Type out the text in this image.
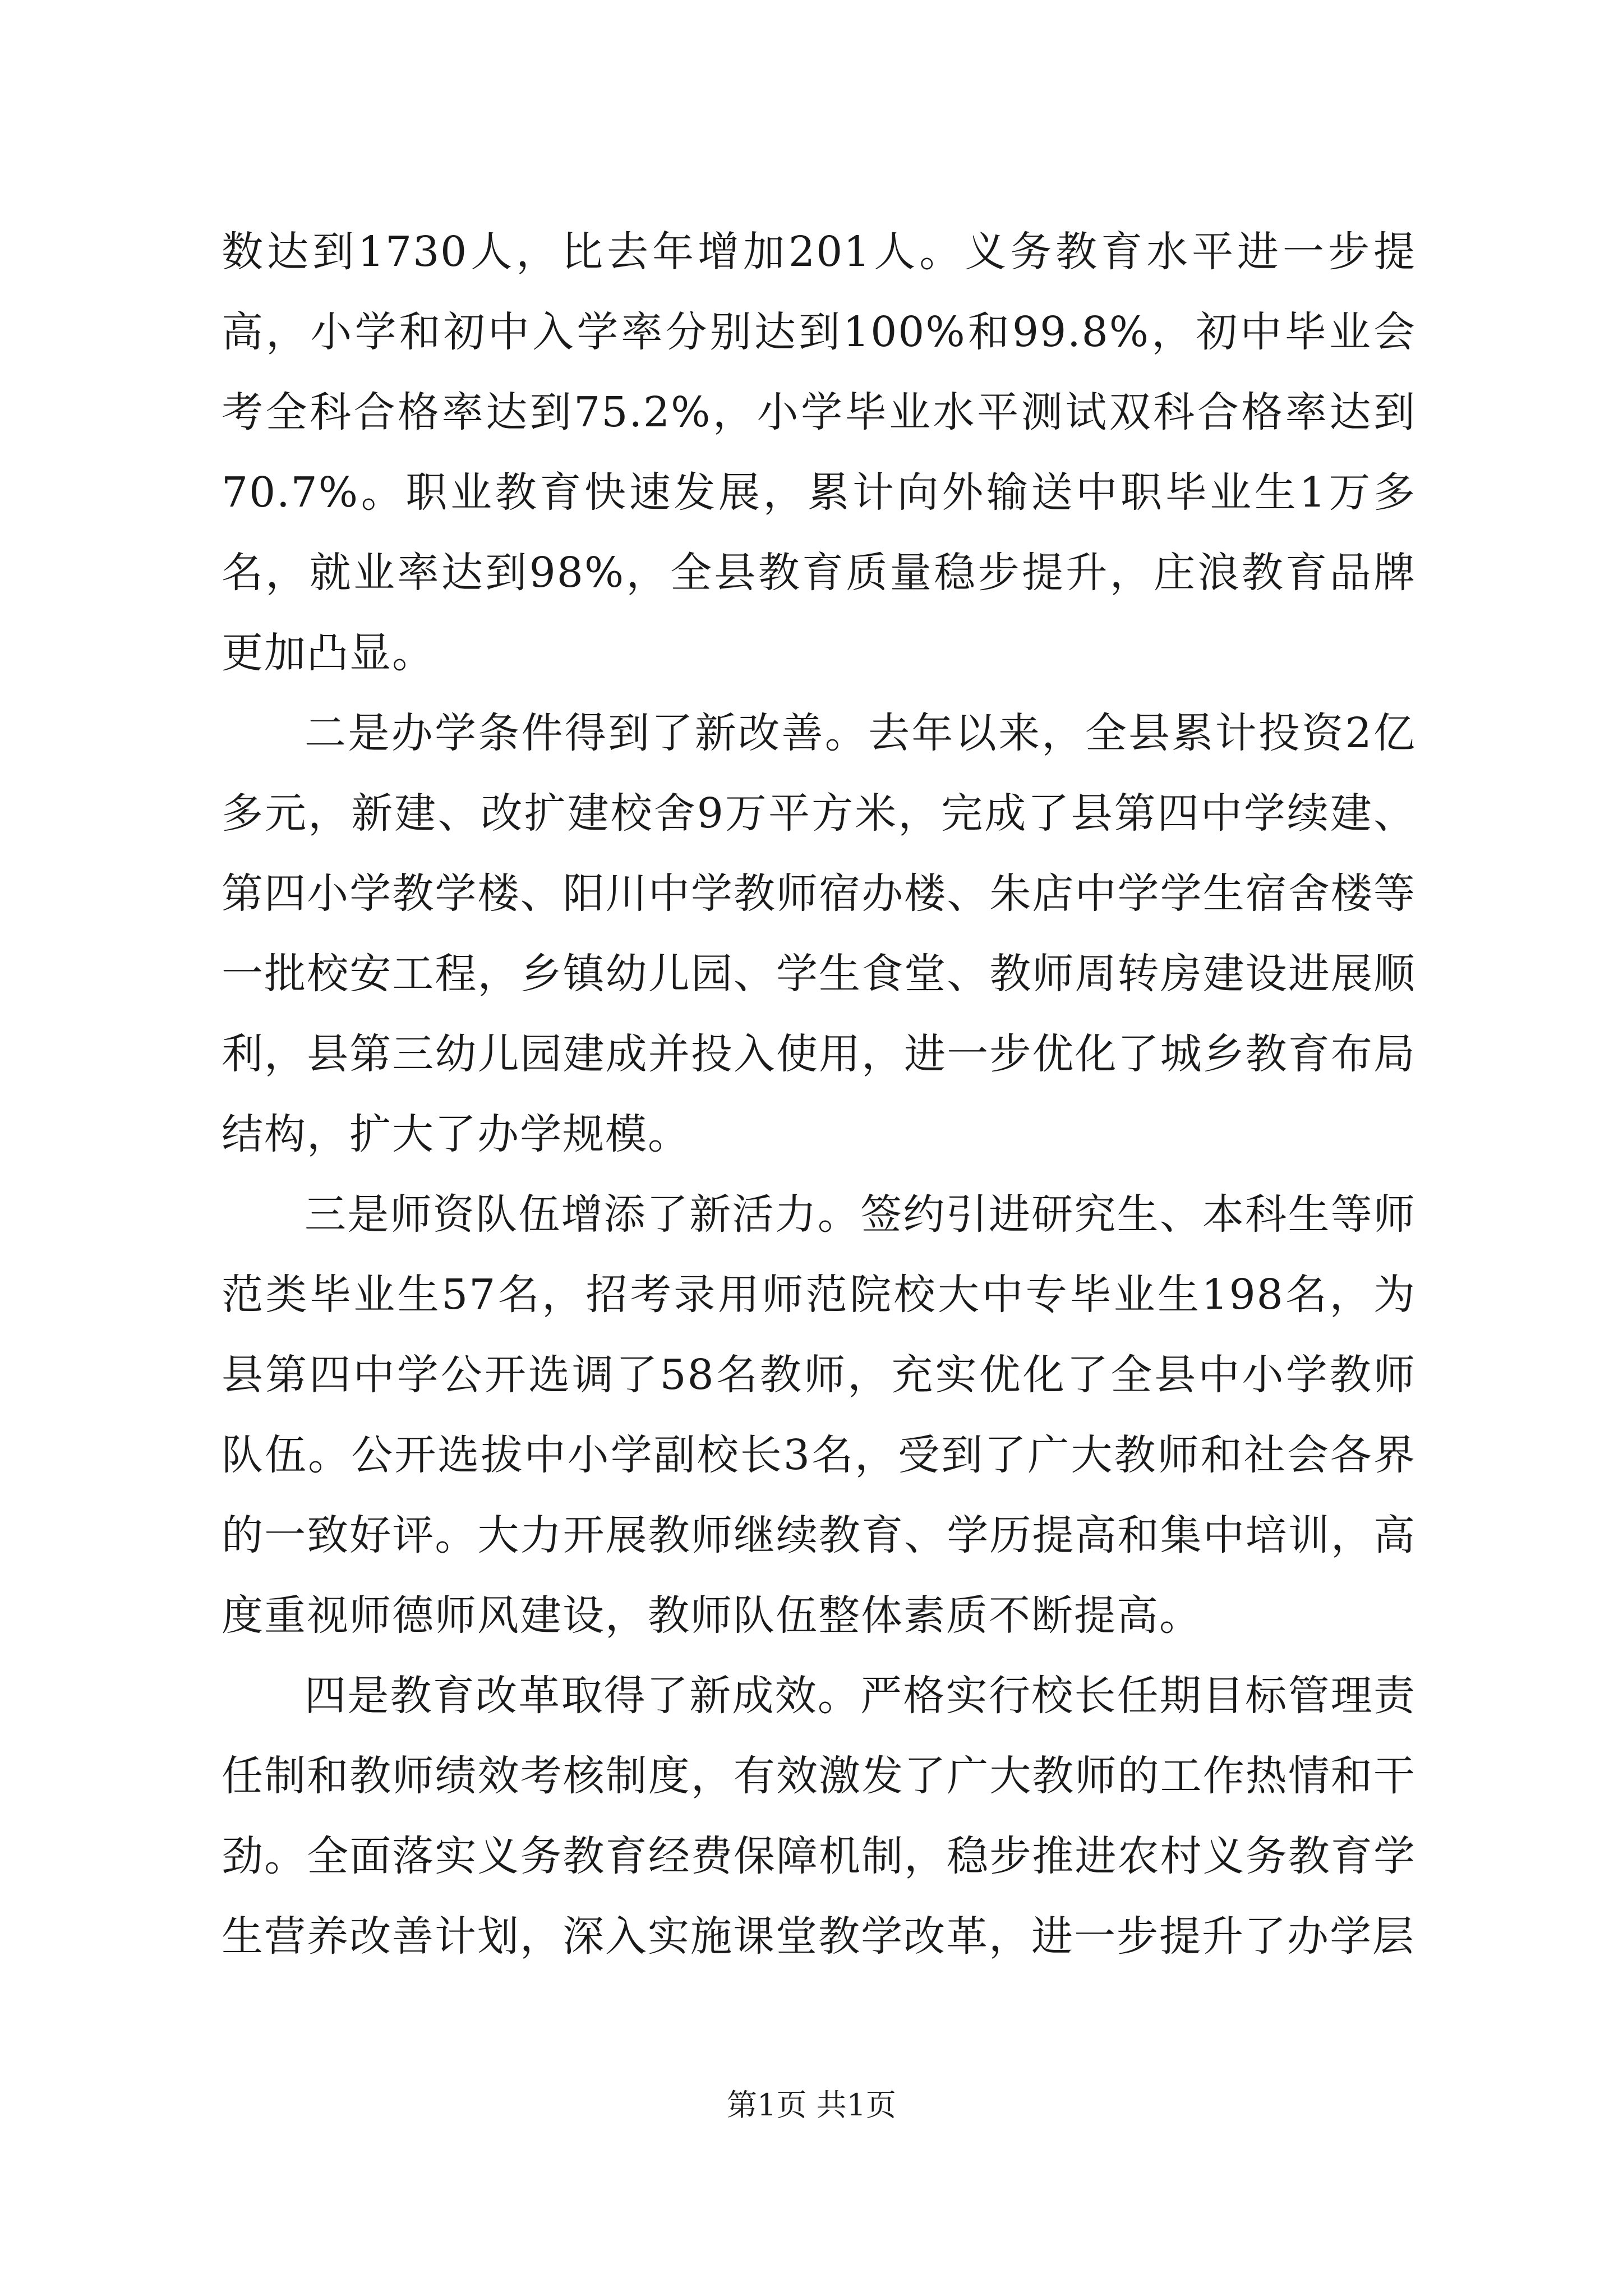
数达到1730人，比去年增加201人。义务教育水平进一步提高，小学和初中入学率分别达到100%和99.8%，初中毕业会考全科合格率达到75.2%，小学毕业水平测试双科合格率达到70.7%。职业教育快速发展，累计向外输送中职毕业生1万多名，就业率达到98%，全县教育质量稳步提升，庄浪教育品牌更加凸显。

二是办学条件得到了新改善。去年以来，全县累计投资2亿多元，新建、改扩建校舍9万平方米，完成了县第四中学续建、第四小学教学楼、阳川中学教师宿办楼、朱店中学学生宿舍楼等一批校安工程，乡镇幼儿园、学生食堂、教师周转房建设进展顺利，县第三幼儿园建成并投入使用，进一步优化了城乡教育布局结构，扩大了办学规模。

三是师资队伍增添了新活力。签约引进研究生、本科生等师范类毕业生57名，招考录用师范院校大中专毕业生198名，为县第四中学公开选调了58名教师，充实优化了全县中小学教师队伍。公开选拔中小学副校长3名，受到了广大教师和社会各界的一致好评。大力开展教师继续教育、学历提高和集中培训，高度重视师德师风建设，教师队伍整体素质不断提高。

四是教育改革取得了新成效。严格实行校长任期目标管理责任制和教师绩效考核制度，有效激发了广大教师的工作热情和干劲。全面落实义务教育经费保障机制，稳步推进农村义务教育学生营养改善计划，深入实施课堂教学改革，进一步提升了办学层

第1页 共1页
